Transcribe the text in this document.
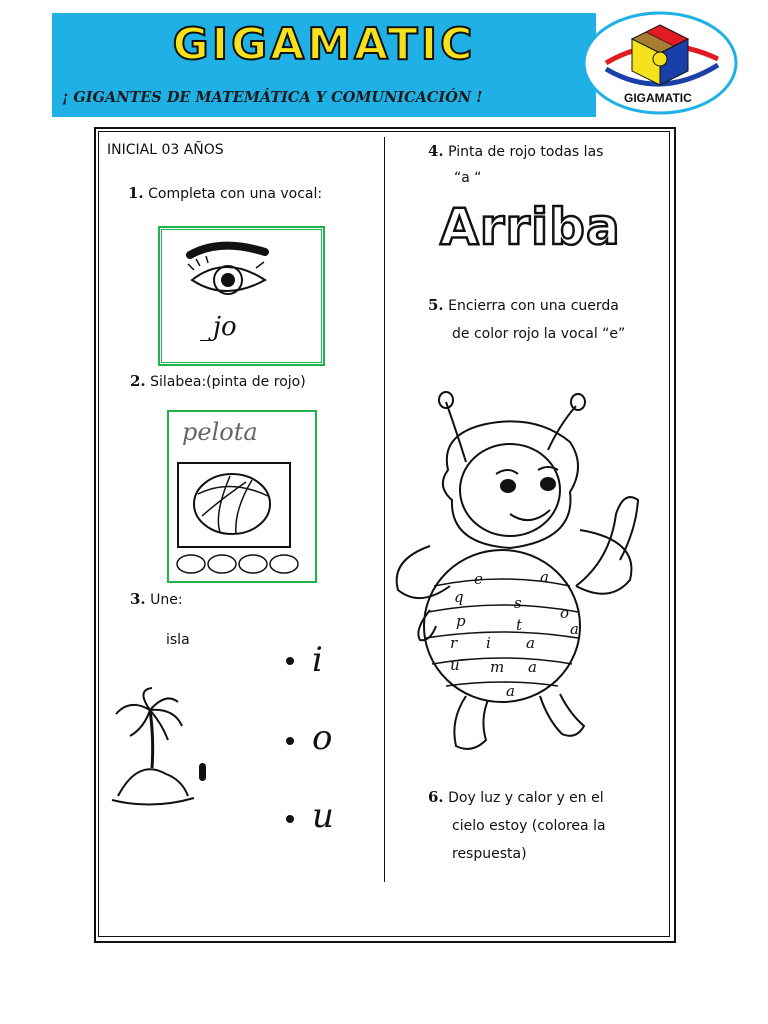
GIGAMATIC
¡ GIGANTES DE MATEMÁTICA Y COMUNICACIÓN !	GIGAMATIC
INICIAL 03 AÑOS
1. Completa con una vocal:
_jo
2. Silabea:(pinta de rojo)
pelota
3. Une:
isla	i
o
u
4. Pinta de rojo todas las
“a “
Arriba
5. Encierra con una cuerda
de color rojo la vocal “e”
e	a
q	s
p	t
o
r i a
a
u m a
a
6. Doy luz y calor y en el
cielo estoy (colorea la
respuesta)
